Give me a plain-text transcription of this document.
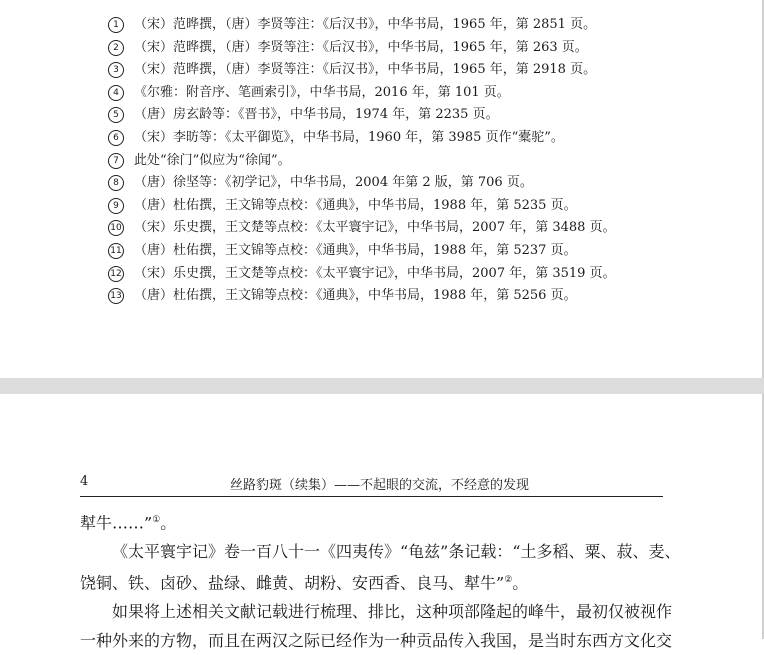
1 （宋）范晔撰，（唐）李贤等注：《后汉书》，中华书局，1965 年，第 2851 页。
2 （宋）范晔撰，（唐）李贤等注：《后汉书》，中华书局，1965 年，第 263 页。
3 （宋）范晔撰，（唐）李贤等注：《后汉书》，中华书局，1965 年，第 2918 页。
4 《尔雅：附音序、笔画索引》，中华书局，2016 年，第 101 页。
5 （唐）房玄龄等：《晋书》，中华书局，1974 年，第 2235 页。
6 （宋）李昉等：《太平御览》，中华书局，1960 年，第 3985 页作“橐驼”。
7 此处“徐门”似应为“徐闻”。
8 （唐）徐坚等：《初学记》，中华书局，2004 年第 2 版，第 706 页。
9 （唐）杜佑撰，王文锦等点校：《通典》，中华书局，1988 年，第 5235 页。
10 （宋）乐史撰，王文楚等点校：《太平寰宇记》，中华书局，2007 年，第 3488 页。
11 （唐）杜佑撰，王文锦等点校：《通典》，中华书局，1988 年，第 5237 页。
12 （宋）乐史撰，王文楚等点校：《太平寰宇记》，中华书局，2007 年，第 3519 页。
13 （唐）杜佑撰，王文锦等点校：《通典》，中华书局，1988 年，第 5256 页。
4	丝路豹斑（续集）——不起眼的交流，不经意的发现
犎牛……”①。
《太平寰宇记》卷一百八十一《四夷传》“龟兹”条记载：“土多稻、粟、菽、麦、
饶铜、铁、卤砂、盐绿、雌黄、胡粉、安西香、良马、犎牛”②。
如果将上述相关文献记载进行梳理、排比，这种项部隆起的峰牛，最初仅被视作
一种外来的方物，而且在两汉之际已经作为一种贡品传入我国，是当时东西方文化交
